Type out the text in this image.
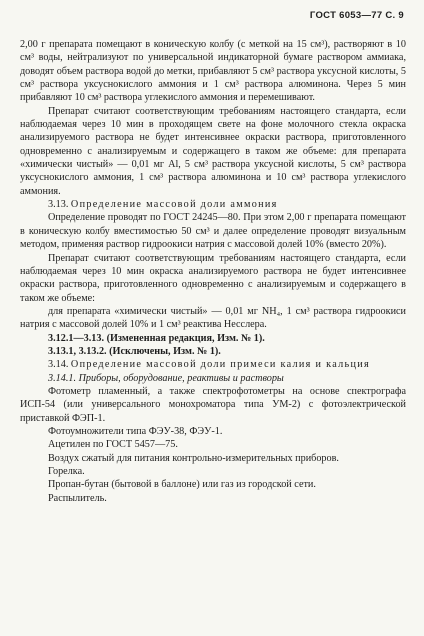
ГОСТ 6053—77 С. 9

2,00 г препарата помещают в коническую колбу (с меткой на 15 см³), растворяют в 10 см³ воды, нейтрализуют по универсальной индикаторной бумаге раствором аммиака, доводят объем раствора водой до метки, прибавляют 5 см³ раствора уксусной кислоты, 5 см³ раствора уксуснокислого аммония и 1 см³ раствора алюминона. Через 5 мин прибавляют 10 см³ раствора углекислого аммония и перемешивают.

Препарат считают соответствующим требованиям настоящего стандарта, если наблюдаемая через 10 мин в проходящем свете на фоне молочного стекла окраска анализируемого раствора не будет интенсивнее окраски раствора, приготовленного одновременно с анализируемым и содержащего в таком же объеме: для препарата «химически чистый» — 0,01 мг Al, 5 см³ раствора уксусной кислоты, 5 см³ раствора уксуснокислого аммония, 1 см³ раствора алюминона и 10 см³ раствора углекислого аммония.

3.13. Определение массовой доли аммония

Определение проводят по ГОСТ 24245—80. При этом 2,00 г препарата помещают в коническую колбу вместимостью 50 см³ и далее определение проводят визуальным методом, применяя раствор гидроокиси натрия с массовой долей 10% (вместо 20%).

Препарат считают соответствующим требованиям настоящего стандарта, если наблюдаемая через 10 мин окраска анализируемого раствора не будет интенсивнее окраски раствора, приготовленного одновременно с анализируемым и содержащего в таком же объеме:

для препарата «химически чистый» — 0,01 мг NH₄, 1 см³ раствора гидроокиси натрия с массовой долей 10% и 1 см³ реактива Несслера.

3.12.1—3.13. (Измененная редакция, Изм. № 1).

3.13.1, 3.13.2. (Исключены, Изм. № 1).

3.14. Определение массовой доли примеси калия и кальция

3.14.1. Приборы, оборудование, реактивы и растворы

Фотометр пламенный, а также спектрофотометры на основе спектрографа ИСП-54 (или универсального монохроматора типа УМ-2) с фотоэлектрической приставкой ФЭП-1.

Фотоумножители типа ФЭУ-38, ФЭУ-1.

Ацетилен по ГОСТ 5457—75.

Воздух сжатый для питания контрольно-измерительных приборов.

Горелка.

Пропан-бутан (бытовой в баллоне) или газ из городской сети.

Распылитель.
